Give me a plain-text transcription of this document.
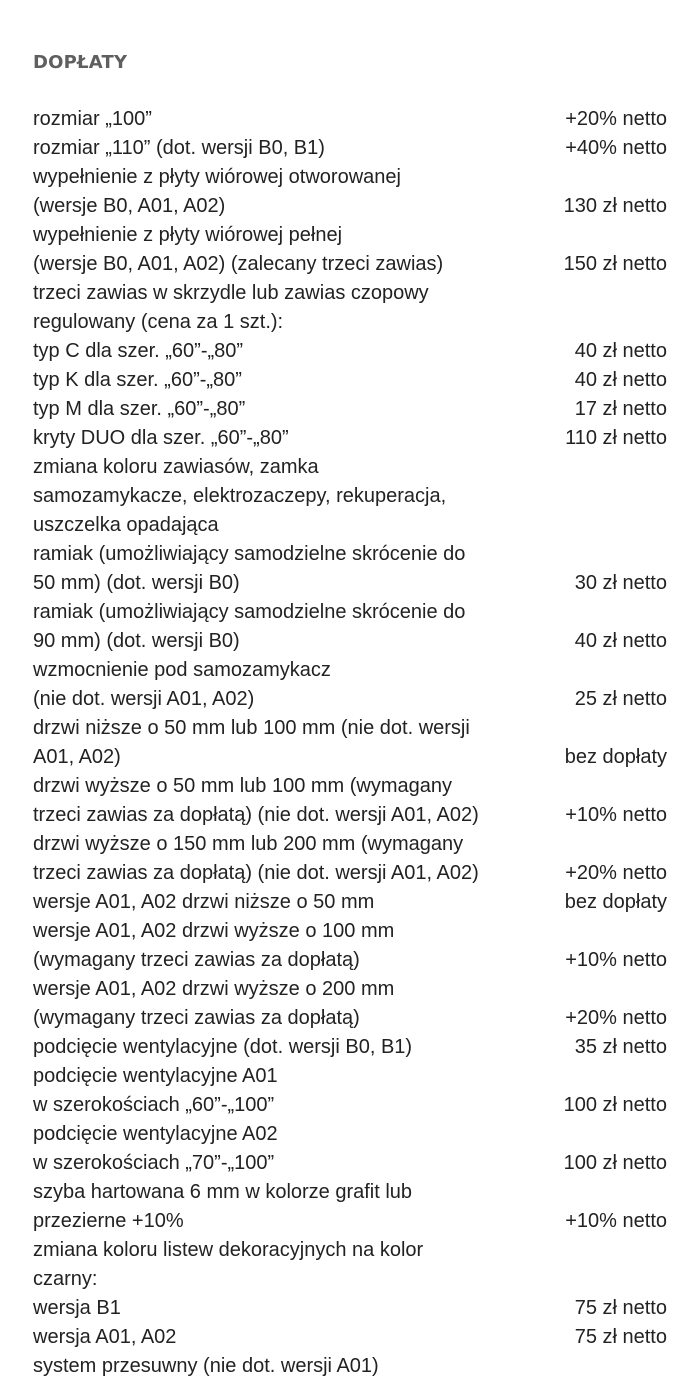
DOPŁATY
rozmiar „100”	+20% netto
rozmiar „110” (dot. wersji B0, B1)	+40% netto
wypełnienie z płyty wiórowej otworowanej
(wersje B0, A01, A02)	130 zł netto
wypełnienie z płyty wiórowej pełnej
(wersje B0, A01, A02) (zalecany trzeci zawias)	150 zł netto
trzeci zawias w skrzydle lub zawias czopowy
regulowany (cena za 1 szt.):
typ C dla szer. „60”-„80”	40 zł netto
typ K dla szer. „60”-„80”	40 zł netto
typ M dla szer. „60”-„80”	17 zł netto
kryty DUO dla szer. „60”-„80”	110 zł netto
zmiana koloru zawiasów, zamka
samozamykacze, elektrozaczepy, rekuperacja,
uszczelka opadająca
ramiak (umożliwiający samodzielne skrócenie do
50 mm) (dot. wersji B0)	30 zł netto
ramiak (umożliwiający samodzielne skrócenie do
90 mm) (dot. wersji B0)	40 zł netto
wzmocnienie pod samozamykacz
(nie dot. wersji A01, A02)	25 zł netto
drzwi niższe o 50 mm lub 100 mm (nie dot. wersji
A01, A02)	bez dopłaty
drzwi wyższe o 50 mm lub 100 mm (wymagany
trzeci zawias za dopłatą) (nie dot. wersji A01, A02)	+10% netto
drzwi wyższe o 150 mm lub 200 mm (wymagany
trzeci zawias za dopłatą) (nie dot. wersji A01, A02)	+20% netto
wersje A01, A02 drzwi niższe o 50 mm	bez dopłaty
wersje A01, A02 drzwi wyższe o 100 mm
(wymagany trzeci zawias za dopłatą)	+10% netto
wersje A01, A02 drzwi wyższe o 200 mm
(wymagany trzeci zawias za dopłatą)	+20% netto
podcięcie wentylacyjne (dot. wersji B0, B1)	35 zł netto
podcięcie wentylacyjne A01
w szerokościach „60”-„100”	100 zł netto
podcięcie wentylacyjne A02
w szerokościach „70”-„100”	100 zł netto
szyba hartowana 6 mm w kolorze grafit lub
przezierne +10%	+10% netto
zmiana koloru listew dekoracyjnych na kolor
czarny:
wersja B1	75 zł netto
wersja A01, A02	75 zł netto
system przesuwny (nie dot. wersji A01)
